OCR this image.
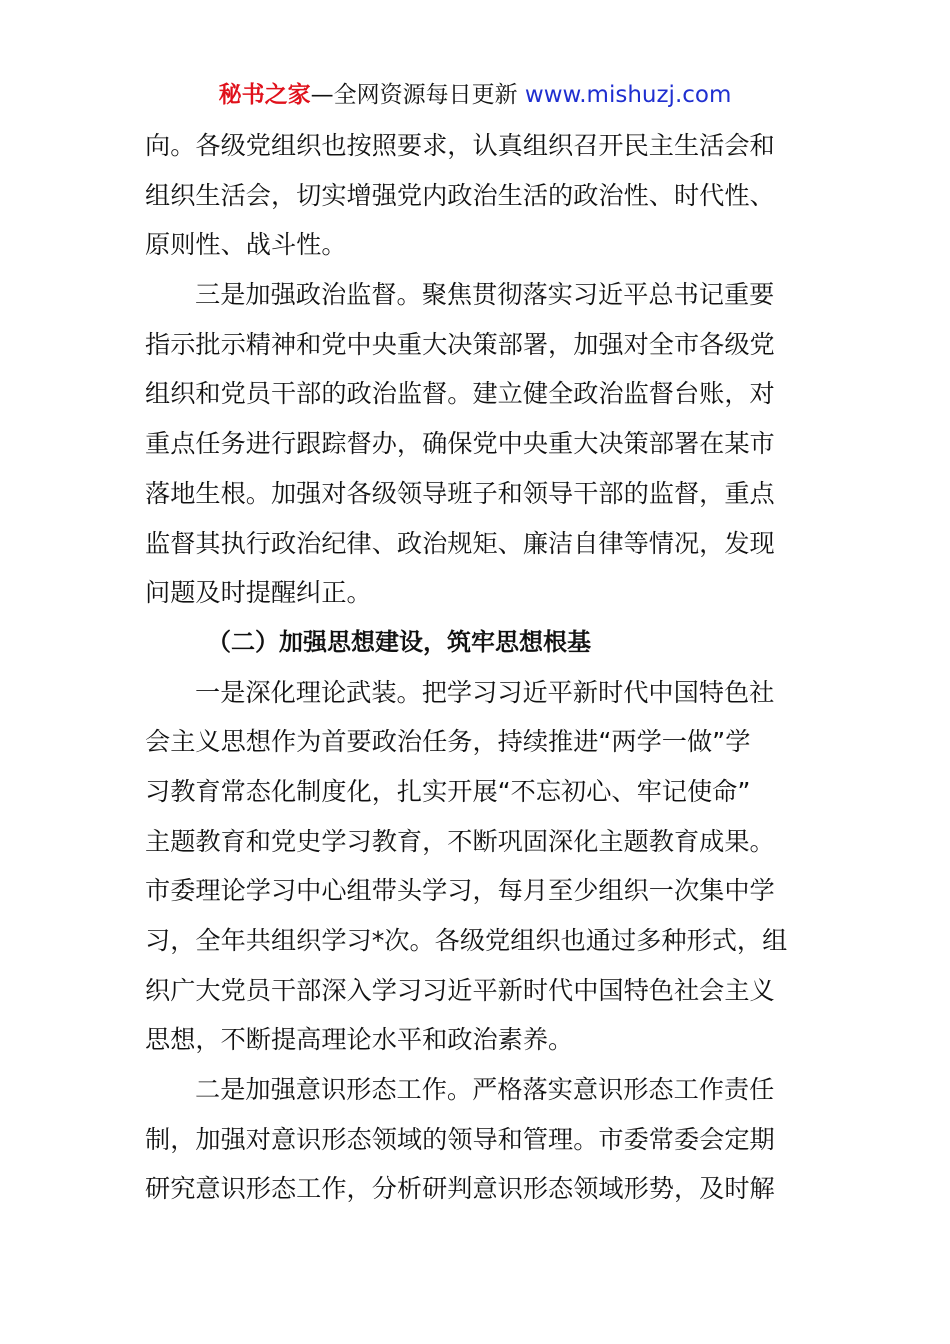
秘书之家—全网资源每日更新 www.mishuzj.com
向。各级党组织也按照要求，认真组织召开民主生活会和
组织生活会，切实增强党内政治生活的政治性、时代性、
原则性、战斗性。
三是加强政治监督。聚焦贯彻落实习近平总书记重要
指示批示精神和党中央重大决策部署，加强对全市各级党
组织和党员干部的政治监督。建立健全政治监督台账，对
重点任务进行跟踪督办，确保党中央重大决策部署在某市
落地生根。加强对各级领导班子和领导干部的监督，重点
监督其执行政治纪律、政治规矩、廉洁自律等情况，发现
问题及时提醒纠正。
（二）加强思想建设，筑牢思想根基
一是深化理论武装。把学习习近平新时代中国特色社
会主义思想作为首要政治任务，持续推进“两学一做”学
习教育常态化制度化，扎实开展“不忘初心、牢记使命”
主题教育和党史学习教育，不断巩固深化主题教育成果。
市委理论学习中心组带头学习，每月至少组织一次集中学
习，全年共组织学习*次。各级党组织也通过多种形式，组
织广大党员干部深入学习习近平新时代中国特色社会主义
思想，不断提高理论水平和政治素养。
二是加强意识形态工作。严格落实意识形态工作责任
制，加强对意识形态领域的领导和管理。市委常委会定期
研究意识形态工作，分析研判意识形态领域形势，及时解
